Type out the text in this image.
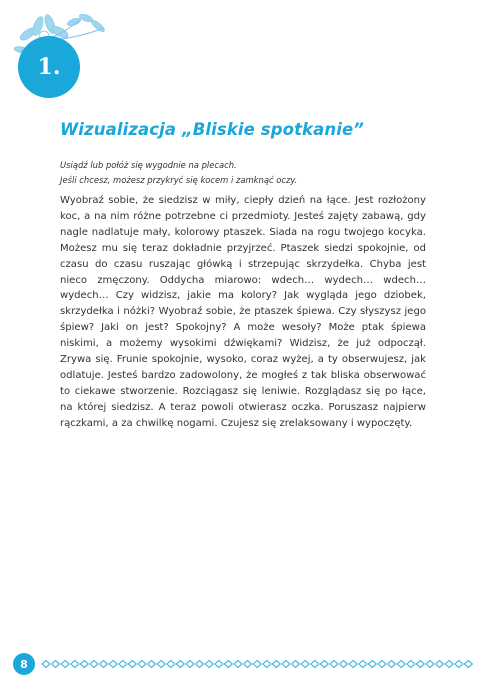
1.
Wizualizacja „Bliskie spotkanie”

Usiądź lub połóż się wygodnie na plecach.

Jeśli chcesz, możesz przykryć się kocem i zamknąć oczy.

Wyobraź sobie, że siedzisz w miły, ciepły dzień na łące. Jest rozłożony koc, a na nim różne potrzebne ci przedmioty. Jesteś zajęty zabawą, gdy nagle nadlatuje mały, kolorowy ptaszek. Siada na rogu twojego kocyka. Możesz mu się teraz dokładnie przyjrzeć. Ptaszek siedzi spokojnie, od czasu do czasu ruszając główką i strzepując skrzydełka. Chyba jest nieco zmęczony. Oddycha miarowo: wdech… wydech… wdech… wydech… Czy widzisz, jakie ma kolory? Jak wygląda jego dziobek, skrzydełka i nóżki? Wyobraź sobie, że ptaszek śpiewa. Czy słyszysz jego śpiew? Jaki on jest? Spokojny? A może wesoły? Może ptak śpiewa niskimi, a możemy wysokimi dźwiękami? Widzisz, że już odpoczął. Zrywa się. Frunie spokojnie, wysoko, coraz wyżej, a ty obserwujesz, jak odlatuje. Jesteś bardzo zadowolony, że mogłeś z tak bliska obserwować to ciekawe stworzenie. Rozciągasz się leniwie. Rozglądasz się po łące, na której siedzisz. A teraz powoli otwierasz oczka. Poruszasz najpierw rączkami, a za chwilkę nogami. Czujesz się zrelaksowany i wypoczęty.

8
